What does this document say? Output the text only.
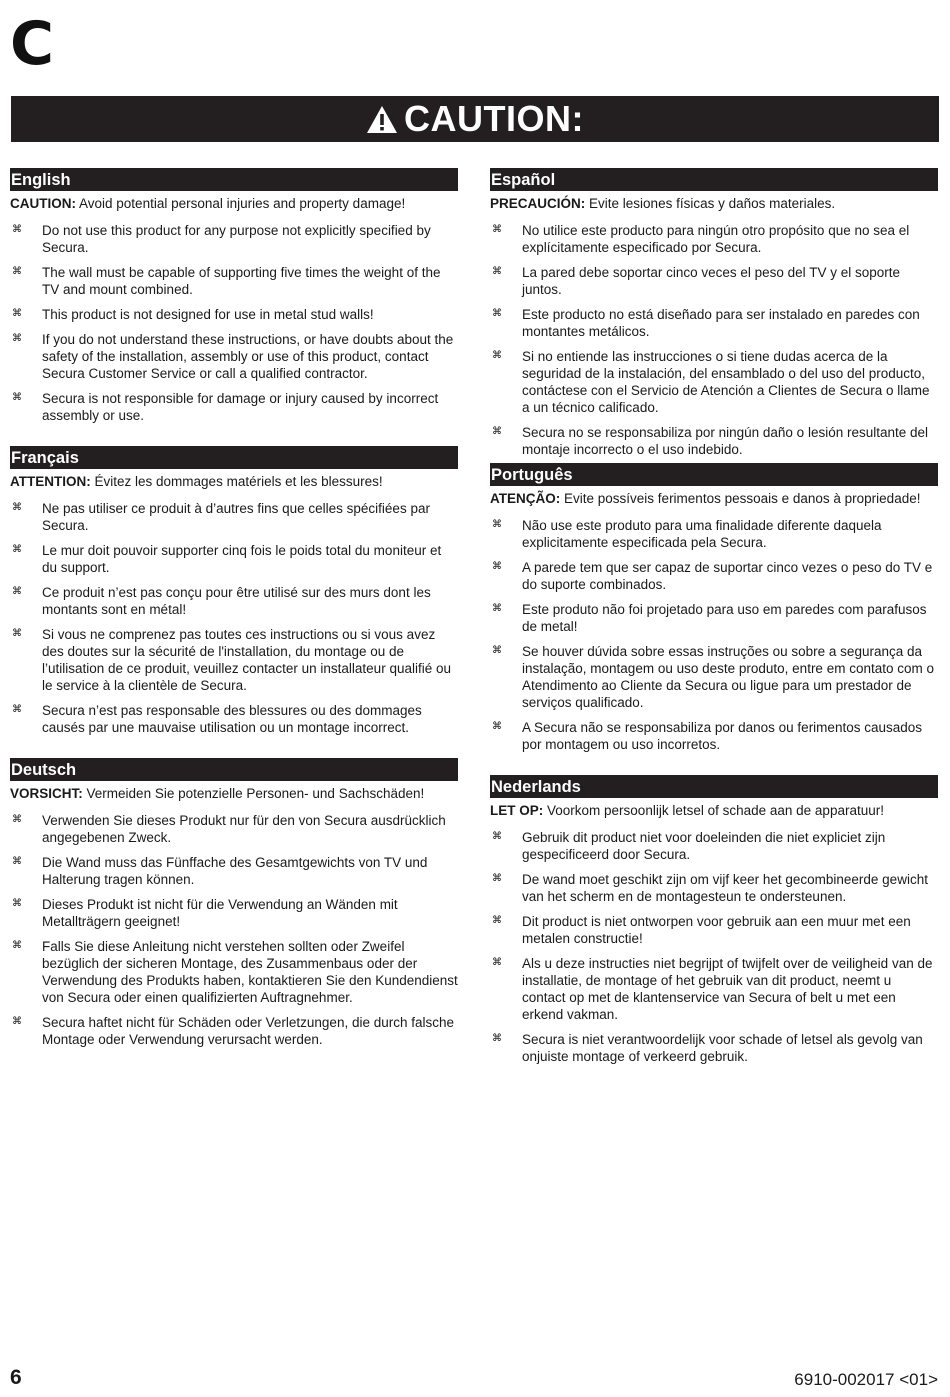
C
CAUTION:
English
CAUTION: Avoid potential personal injuries and property damage!
⌘ Do not use this product for any purpose not explicitly specified by Secura.
⌘ The wall must be capable of supporting five times the weight of the TV and mount combined.
⌘ This product is not designed for use in metal stud walls!
⌘ If you do not understand these instructions, or have doubts about the safety of the installation, assembly or use of this product, contact Secura Customer Service or call a qualified contractor.
⌘ Secura is not responsible for damage or injury caused by incorrect assembly or use.
Français
ATTENTION: Évitez les dommages matériels et les blessures!
⌘ Ne pas utiliser ce produit à d’autres fins que celles spécifiées par Secura.
⌘ Le mur doit pouvoir supporter cinq fois le poids total du moniteur et du support.
⌘ Ce produit n’est pas conçu pour être utilisé sur des murs dont les montants sont en métal!
⌘ Si vous ne comprenez pas toutes ces instructions ou si vous avez des doutes sur la sécurité de l'installation, du montage ou de l’utilisation de ce produit, veuillez contacter un installateur qualifié ou le service à la clientèle de Secura.
⌘ Secura n’est pas responsable des blessures ou des dommages causés par une mauvaise utilisation ou un montage incorrect.
Deutsch
VORSICHT: Vermeiden Sie potenzielle Personen- und Sachschäden!
⌘ Verwenden Sie dieses Produkt nur für den von Secura ausdrücklich angegebenen Zweck.
⌘ Die Wand muss das Fünffache des Gesamtgewichts von TV und Halterung tragen können.
⌘ Dieses Produkt ist nicht für die Verwendung an Wänden mit Metallträgern geeignet!
⌘ Falls Sie diese Anleitung nicht verstehen sollten oder Zweifel bezüglich der sicheren Montage, des Zusammenbaus oder der Verwendung des Produkts haben, kontaktieren Sie den Kundendienst von Secura oder einen qualifizierten Auftragnehmer.
⌘ Secura haftet nicht für Schäden oder Verletzungen, die durch falsche Montage oder Verwendung verursacht werden.
Español
PRECAUCIÓN: Evite lesiones físicas y daños materiales.
⌘ No utilice este producto para ningún otro propósito que no sea el explícitamente especificado por Secura.
⌘ La pared debe soportar cinco veces el peso del TV y el soporte juntos.
⌘ Este producto no está diseñado para ser instalado en paredes con montantes metálicos.
⌘ Si no entiende las instrucciones o si tiene dudas acerca de la seguridad de la instalación, del ensamblado o del uso del producto, contáctese con el Servicio de Atención a Clientes de Secura o llame a un técnico calificado.
⌘ Secura no se responsabiliza por ningún daño o lesión resultante del montaje incorrecto o el uso indebido.
Português
ATENÇÃO: Evite possíveis ferimentos pessoais e danos à propriedade!
⌘ Não use este produto para uma finalidade diferente daquela explicitamente especificada pela Secura.
⌘ A parede tem que ser capaz de suportar cinco vezes o peso do TV e do suporte combinados.
⌘ Este produto não foi projetado para uso em paredes com parafusos de metal!
⌘ Se houver dúvida sobre essas instruções ou sobre a segurança da instalação, montagem ou uso deste produto, entre em contato com o Atendimento ao Cliente da Secura ou ligue para um prestador de serviços qualificado.
⌘ A Secura não se responsabiliza por danos ou ferimentos causados por montagem ou uso incorretos.
Nederlands
LET OP: Voorkom persoonlijk letsel of schade aan de apparatuur!
⌘ Gebruik dit product niet voor doeleinden die niet expliciet zijn gespecificeerd door Secura.
⌘ De wand moet geschikt zijn om vijf keer het gecombineerde gewicht van het scherm en de montagesteun te ondersteunen.
⌘ Dit product is niet ontworpen voor gebruik aan een muur met een metalen constructie!
⌘ Als u deze instructies niet begrijpt of twijfelt over de veiligheid van de installatie, de montage of het gebruik van dit product, neemt u contact op met de klantenservice van Secura of belt u met een erkend vakman.
⌘ Secura is niet verantwoordelijk voor schade of letsel als gevolg van onjuiste montage of verkeerd gebruik.
6	6910-002017 <01>
